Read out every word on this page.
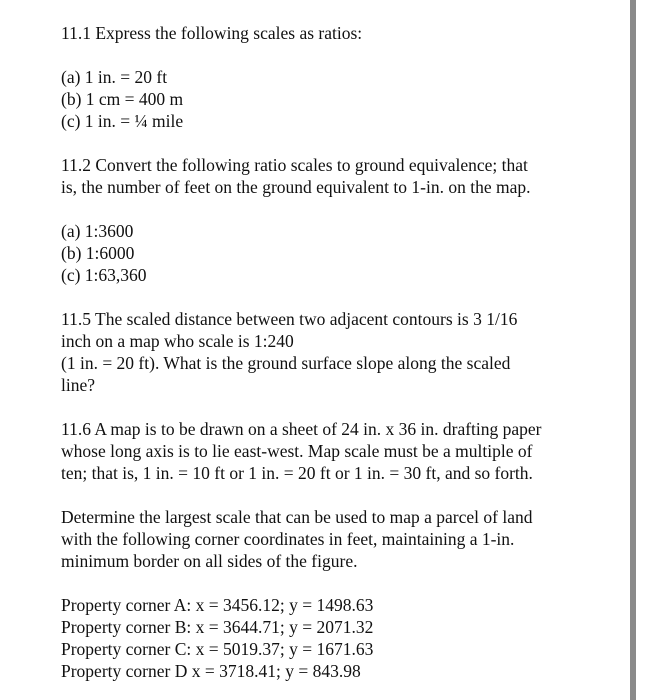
11.1 Express the following scales as ratios:
(a) 1 in. = 20 ft
(b) 1 cm = 400 m
(c) 1 in. = ¼ mile
11.2 Convert the following ratio scales to ground equivalence; that
is, the number of feet on the ground equivalent to 1-in. on the map.
(a) 1:3600
(b) 1:6000
(c) 1:63,360
11.5 The scaled distance between two adjacent contours is 3 1/16
inch on a map who scale is 1:240
(1 in. = 20 ft). What is the ground surface slope along the scaled
line?
11.6 A map is to be drawn on a sheet of 24 in. x 36 in. drafting paper
whose long axis is to lie east-west. Map scale must be a multiple of
ten; that is, 1 in. = 10 ft or 1 in. = 20 ft or 1 in. = 30 ft, and so forth.
Determine the largest scale that can be used to map a parcel of land
with the following corner coordinates in feet, maintaining a 1-in.
minimum border on all sides of the figure.
Property corner A: x = 3456.12; y = 1498.63
Property corner B: x = 3644.71; y = 2071.32
Property corner C: x = 5019.37; y = 1671.63
Property corner D x = 3718.41; y = 843.98
